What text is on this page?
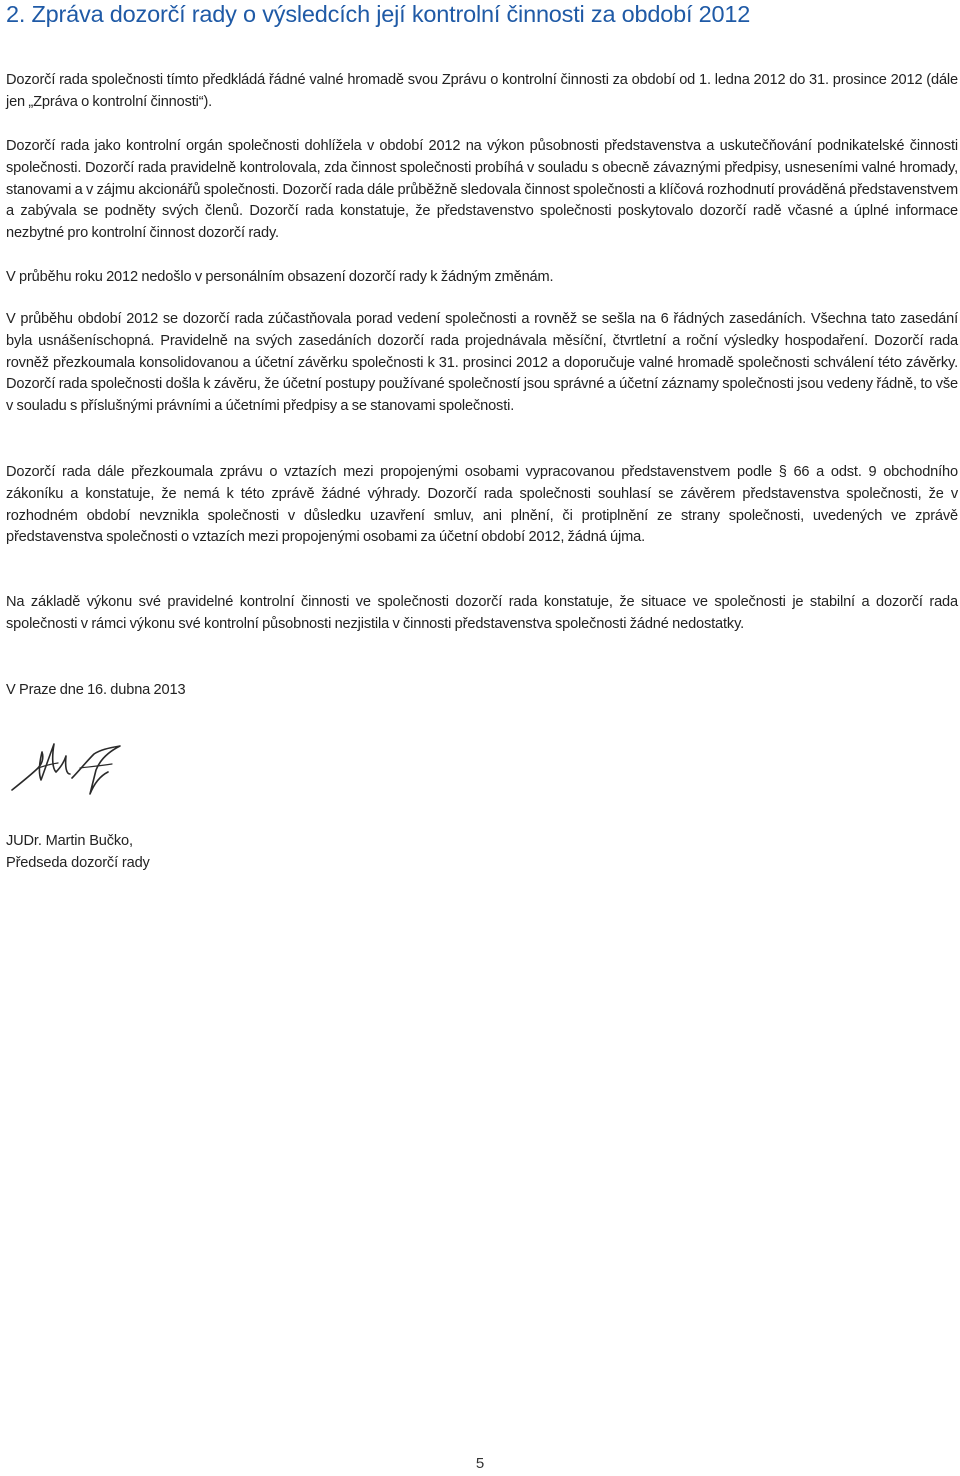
2. Zpráva dozorčí rady o výsledcích její kontrolní činnosti za období 2012

Dozorčí rada společnosti tímto předkládá řádné valné hromadě svou Zprávu o kontrolní činnosti za období od 1. ledna 2012 do 31. prosince 2012 (dále jen „Zpráva o kontrolní činnosti“).

Dozorčí rada jako kontrolní orgán společnosti dohlížela v období 2012 na výkon působnosti představenstva a uskutečňování podnikatelské činnosti společnosti. Dozorčí rada pravidelně kontrolovala, zda činnost společnosti probíhá v souladu s obecně závaznými předpisy, usneseními valné hromady, stanovami a v zájmu akcionářů společnosti. Dozorčí rada dále průběžně sledovala činnost společnosti a klíčová rozhodnutí prováděná představenstvem a zabývala se podněty svých členů. Dozorčí rada konstatuje, že představenstvo společnosti poskytovalo dozorčí radě včasné a úplné informace nezbytné pro kontrolní činnost dozorčí rady.

V průběhu roku 2012 nedošlo v personálním obsazení dozorčí rady k žádným změnám.

V průběhu období 2012 se dozorčí rada zúčastňovala porad vedení společnosti a rovněž se sešla na 6 řádných zasedáních. Všechna tato zasedání byla usnášeníschopná. Pravidelně na svých zasedáních dozorčí rada projednávala měsíční, čtvrtletní a roční výsledky hospodaření. Dozorčí rada rovněž přezkoumala konsolidovanou a účetní závěrku společnosti k 31. prosinci 2012 a doporučuje valné hromadě společnosti schválení této závěrky. Dozorčí rada společnosti došla k závěru, že účetní postupy používané společností jsou správné a účetní záznamy společnosti jsou vedeny řádně, to vše v souladu s příslušnými právními a účetními předpisy a se stanovami společnosti.

Dozorčí rada dále přezkoumala zprávu o vztazích mezi propojenými osobami vypracovanou představenstvem podle § 66 a odst. 9 obchodního zákoníku a konstatuje, že nemá k této zprávě žádné výhrady. Dozorčí rada společnosti souhlasí se závěrem představenstva společnosti, že v rozhodném období nevznikla společnosti v důsledku uzavření smluv, ani plnění, či protiplnění ze strany společnosti, uvedených ve zprávě představenstva společnosti o vztazích mezi propojenými osobami za účetní období 2012, žádná újma.

Na základě výkonu své pravidelné kontrolní činnosti ve společnosti dozorčí rada konstatuje, že situace ve společnosti je stabilní a dozorčí rada společnosti v rámci výkonu své kontrolní působnosti nezjistila v činnosti představenstva společnosti žádné nedostatky.

V Praze dne 16. dubna 2013

JUDr. Martin Bučko,
Předseda dozorčí rady
5
